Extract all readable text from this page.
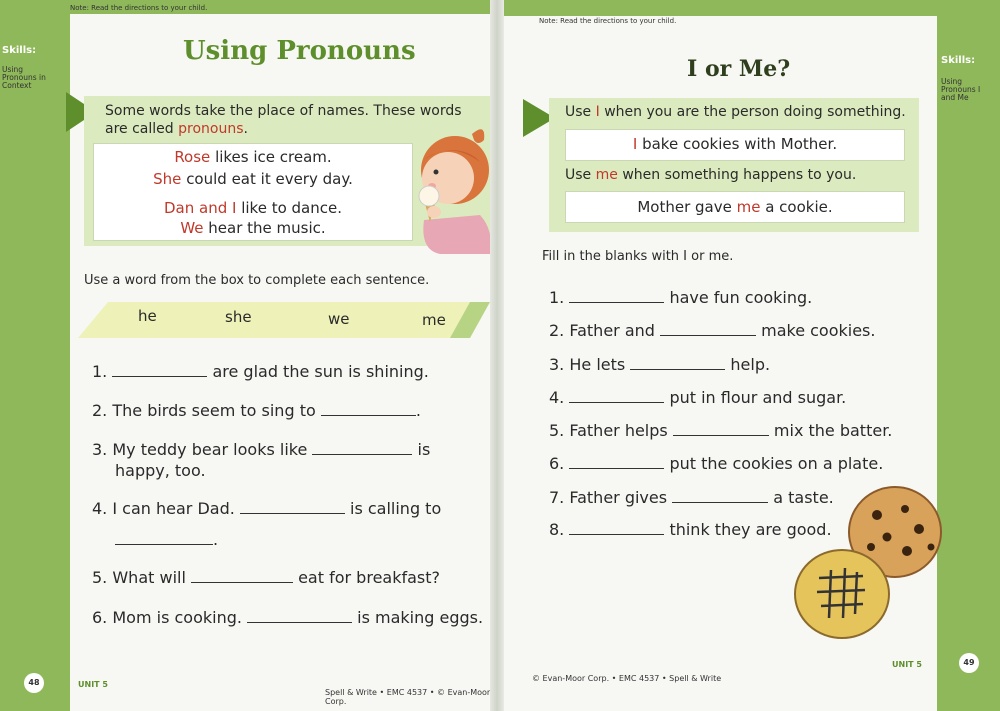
Note: Read the directions to your child.
Skills:
Using
Pronouns in
Context
Using Pronouns
Some words take the place of names. These words
are called pronouns.
Rose likes ice cream.
She could eat it every day.
Dan and I like to dance.
We hear the music.
Use a word from the box to complete each sentence.
he	she	we	me
1.	are glad the sun is shining.
2. The birds seem to sing to	.
3. My teddy bear looks like	is
happy, too.
4. I can hear Dad.	is calling to
.
5. What will	eat for breakfast?
6. Mom is cooking.	is making eggs.
48	UNIT 5
Spell & Write • EMC 4537 • © Evan-Moor Corp.
Note: Read the directions to your child.
Skills:
Using
Pronouns I
and Me
I or Me?
Use I when you are the person doing something.
I bake cookies with Mother.
Use me when something happens to you.
Mother gave me a cookie.
Fill in the blanks with I or me.
1.	have fun cooking.
2. Father and	make cookies.
3. He lets	help.
4.	put in flour and sugar.
5. Father helps	mix the batter.
6.	put the cookies on a plate.
7. Father gives	a taste.
8.	think they are good.
UNIT 5	49
© Evan-Moor Corp. • EMC 4537 • Spell & Write
